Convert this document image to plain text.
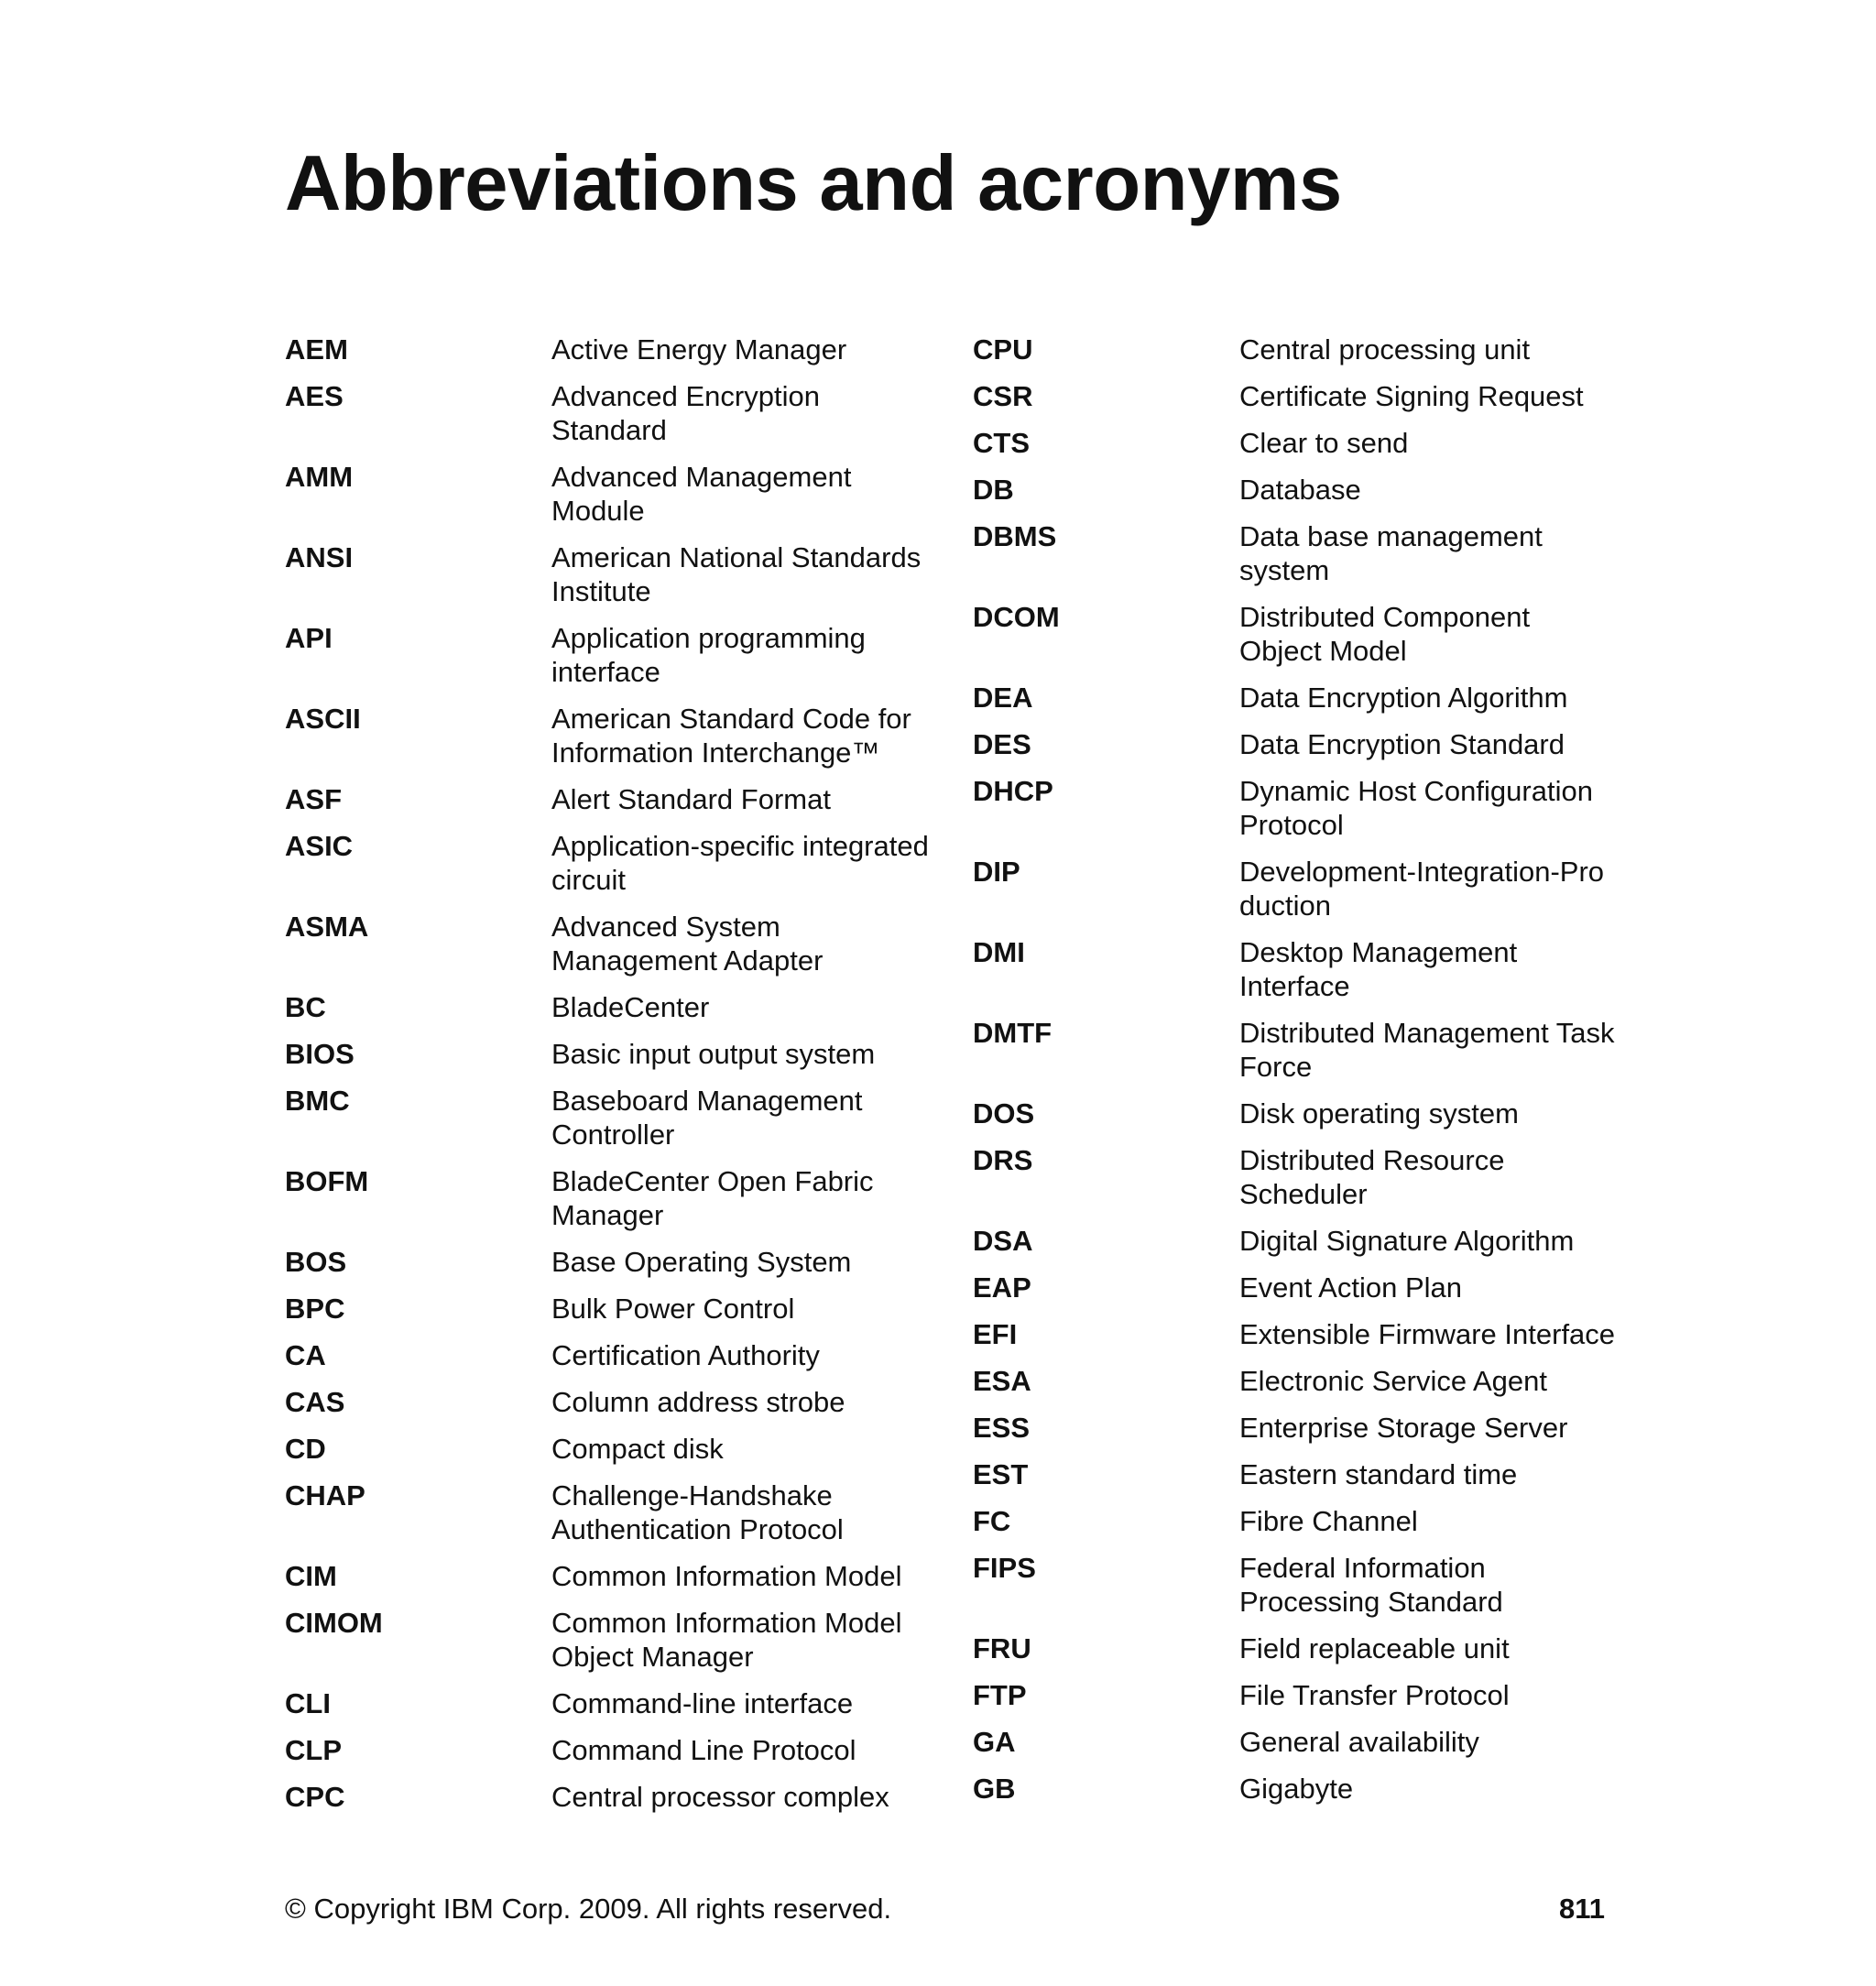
Abbreviations and acronyms
AEM	Active Energy Manager
AES	Advanced Encryption
Standard
AMM	Advanced Management
Module
ANSI	American National Standards
Institute
API	Application programming
interface
ASCII	American Standard Code for
Information Interchange™
ASF	Alert Standard Format
ASIC	Application-specific integrated
circuit
ASMA	Advanced System
Management Adapter
BC	BladeCenter
BIOS	Basic input output system
BMC	Baseboard Management
Controller
BOFM	BladeCenter Open Fabric
Manager
BOS	Base Operating System
BPC	Bulk Power Control
CA	Certification Authority
CAS	Column address strobe
CD	Compact disk
CHAP	Challenge-Handshake
Authentication Protocol
CIM	Common Information Model
CIMOM	Common Information Model
Object Manager
CLI	Command-line interface
CLP	Command Line Protocol
CPC	Central processor complex
CPU	Central processing unit
CSR	Certificate Signing Request
CTS	Clear to send
DB	Database
DBMS	Data base management
system
DCOM	Distributed Component
Object Model
DEA	Data Encryption Algorithm
DES	Data Encryption Standard
DHCP	Dynamic Host Configuration
Protocol
DIP	Development-Integration-Pro
duction
DMI	Desktop Management
Interface
DMTF	Distributed Management Task
Force
DOS	Disk operating system
DRS	Distributed Resource
Scheduler
DSA	Digital Signature Algorithm
EAP	Event Action Plan
EFI	Extensible Firmware Interface
ESA	Electronic Service Agent
ESS	Enterprise Storage Server
EST	Eastern standard time
FC	Fibre Channel
FIPS	Federal Information
Processing Standard
FRU	Field replaceable unit
FTP	File Transfer Protocol
GA	General availability
GB	Gigabyte
© Copyright IBM Corp. 2009. All rights reserved.	811
